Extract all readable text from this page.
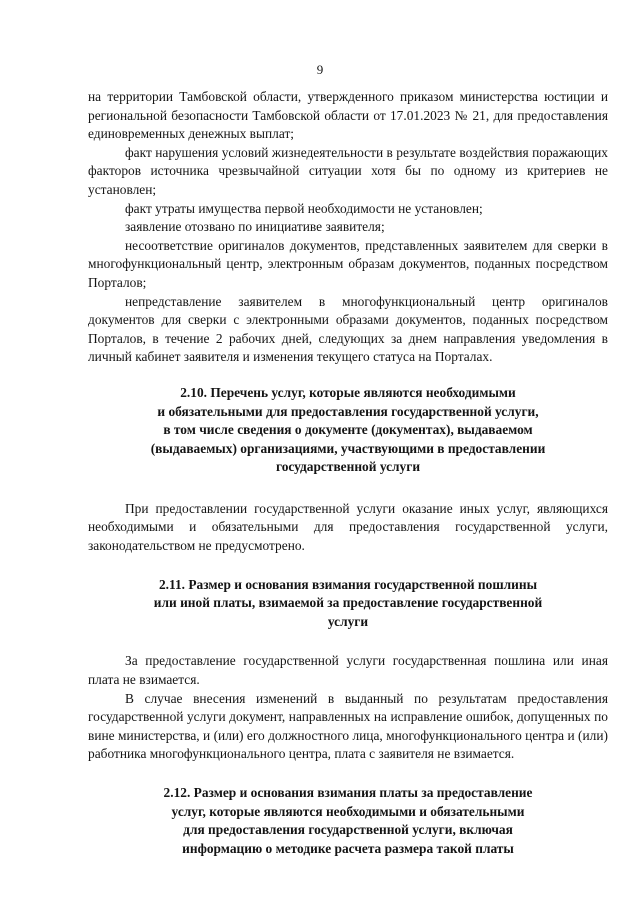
9

на территории Тамбовской области, утвержденного приказом министерства юстиции и региональной безопасности Тамбовской области от 17.01.2023 № 21, для предоставления единовременных денежных выплат;

факт нарушения условий жизнедеятельности в результате воздействия поражающих факторов источника чрезвычайной ситуации хотя бы по одному из критериев не установлен;

факт утраты имущества первой необходимости не установлен;

заявление отозвано по инициативе заявителя;

несоответствие оригиналов документов, представленных заявителем для сверки в многофункциональный центр, электронным образам документов, поданных посредством Порталов;

непредставление заявителем в многофункциональный центр оригиналов документов для сверки с электронными образами документов, поданных посредством Порталов, в течение 2 рабочих дней, следующих за днем направления уведомления в личный кабинет заявителя и изменения текущего статуса на Порталах.

2.10. Перечень услуг, которые являются необходимыми

и обязательными для предоставления государственной услуги,

в том числе сведения о документе (документах), выдаваемом

(выдаваемых) организациями, участвующими в предоставлении

государственной услуги

При предоставлении государственной услуги оказание иных услуг, являющихся необходимыми и обязательными для предоставления государственной услуги, законодательством не предусмотрено.

2.11. Размер и основания взимания государственной пошлины

или иной платы, взимаемой за предоставление государственной

услуги

За предоставление государственной услуги государственная пошлина или иная плата не взимается.

В случае внесения изменений в выданный по результатам предоставления государственной услуги документ, направленных на исправление ошибок, допущенных по вине министерства, и (или) его должностного лица, многофункционального центра и (или) работника многофункционального центра, плата с заявителя не взимается.

2.12. Размер и основания взимания платы за предоставление

услуг, которые являются необходимыми и обязательными

для предоставления государственной услуги, включая

информацию о методике расчета размера такой платы
